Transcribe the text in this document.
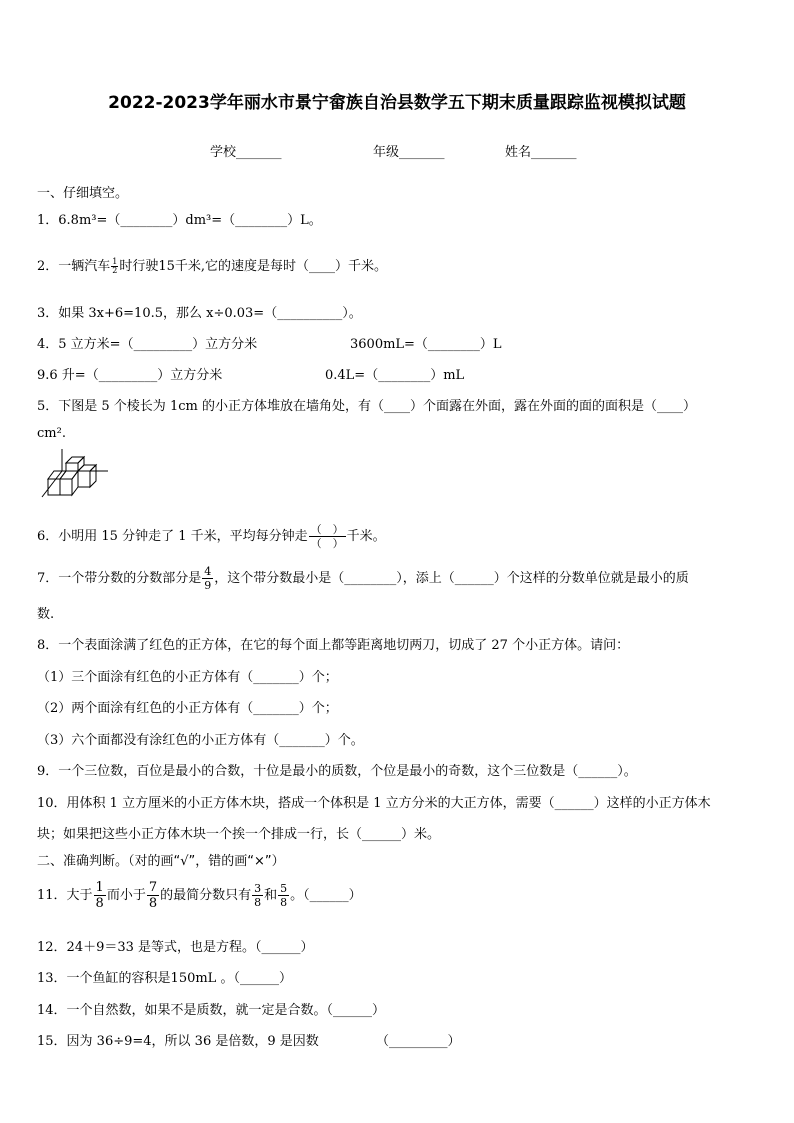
2022-2023学年丽水市景宁畲族自治县数学五下期末质量跟踪监视模拟试题
学校_______	年级_______	姓名_______
一、仔细填空。
1．6.8m³=（________）dm³=（________）L。
2．一辆汽车 $\frac{1}{2}$ 时行驶15千米,它的速度是每时（____）千米。
3．如果 3x+6=10.5，那么 x÷0.03=（__________）。
4．5 立方米=（_________）立方分米	3600mL=（________）L
9.6 升=（_________）立方分米	0.4L=（________）mL
5．下图是 5 个棱长为 1cm 的小正方体堆放在墙角处，有（____）个面露在外面，露在外面的面的面积是（____）
cm².
6．小明用 15 分钟走了 1 千米，平均每分钟走 $\frac{( )}{( )}$ 千米。
7．一个带分数的分数部分是 $\frac{4}{9}$ ，这个带分数最小是（________），添上（______）个这样的分数单位就是最小的质
数.
8．一个表面涂满了红色的正方体，在它的每个面上都等距离地切两刀，切成了 27 个小正方体。请问：
（1）三个面涂有红色的小正方体有（_______）个；
（2）两个面涂有红色的小正方体有（_______）个；
（3）六个面都没有涂红色的小正方体有（_______）个。
9．一个三位数，百位是最小的合数，十位是最小的质数，个位是最小的奇数，这个三位数是（______）。
10．用体积 1 立方厘米的小正方体木块，搭成一个体积是 1 立方分米的大正方体，需要（______）这样的小正方体木
块；如果把这些小正方体木块一个挨一个排成一行，长（______）米。
二、准确判断。（对的画“√”，错的画“×”）
11．大于 $\frac{1}{8}$ 而小于 $\frac{7}{8}$ 的最简分数只有 $\frac{3}{8}$ 和 $\frac{5}{8}$ 。（______）
12．24＋9＝33 是等式，也是方程。（______）
13．一个鱼缸的容积是150mL 。（______）
14．一个自然数，如果不是质数，就一定是合数。（______）
15．因为 36÷9=4，所以 36 是倍数，9 是因数	（_________）
